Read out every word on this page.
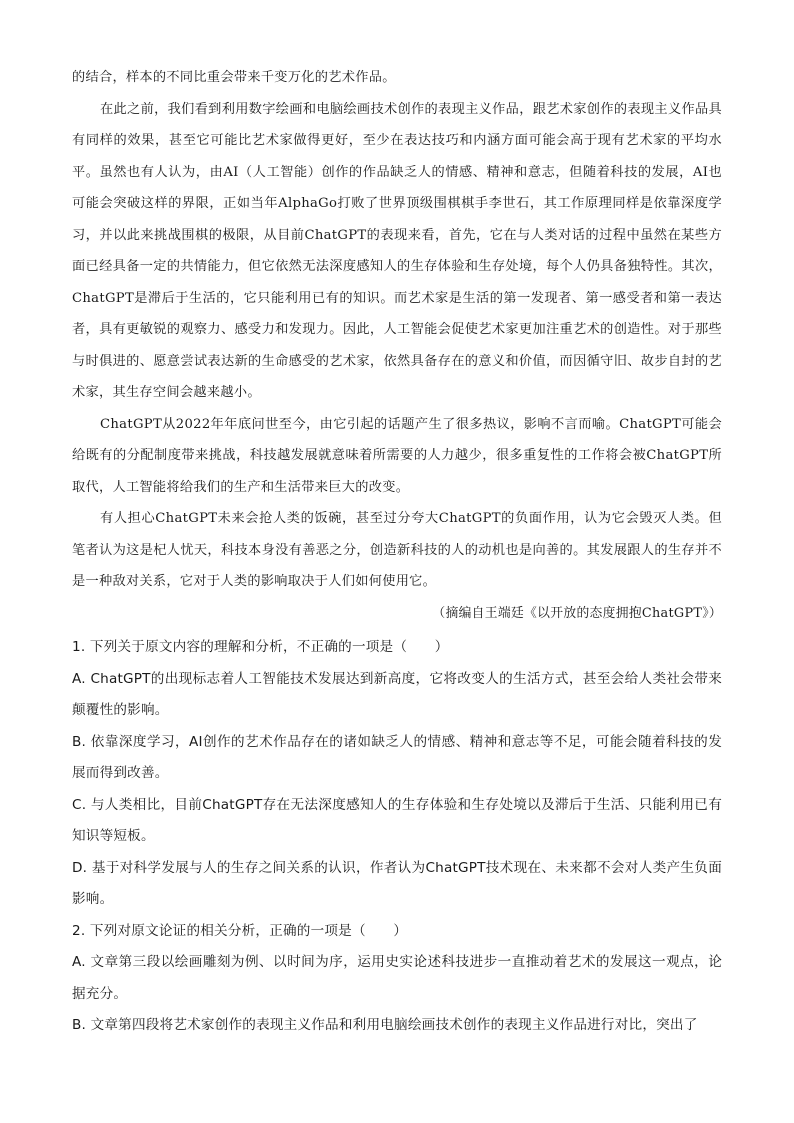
的结合，样本的不同比重会带来千变万化的艺术作品。

在此之前，我们看到利用数字绘画和电脑绘画技术创作的表现主义作品，跟艺术家创作的表现主义作品具有同样的效果，甚至它可能比艺术家做得更好，至少在表达技巧和内涵方面可能会高于现有艺术家的平均水平。虽然也有人认为，由AI（人工智能）创作的作品缺乏人的情感、精神和意志，但随着科技的发展，AI也可能会突破这样的界限，正如当年AlphaGo打败了世界顶级围棋棋手李世石，其工作原理同样是依靠深度学习，并以此来挑战围棋的极限，从目前ChatGPT的表现来看，首先，它在与人类对话的过程中虽然在某些方面已经具备一定的共情能力，但它依然无法深度感知人的生存体验和生存处境，每个人仍具备独特性。其次，ChatGPT是滞后于生活的，它只能利用已有的知识。而艺术家是生活的第一发现者、第一感受者和第一表达者，具有更敏锐的观察力、感受力和发现力。因此，人工智能会促使艺术家更加注重艺术的创造性。对于那些与时俱进的、愿意尝试表达新的生命感受的艺术家，依然具备存在的意义和价值，而因循守旧、故步自封的艺术家，其生存空间会越来越小。

ChatGPT从2022年年底问世至今，由它引起的话题产生了很多热议，影响不言而喻。ChatGPT可能会给既有的分配制度带来挑战，科技越发展就意味着所需要的人力越少，很多重复性的工作将会被ChatGPT所取代，人工智能将给我们的生产和生活带来巨大的改变。

有人担心ChatGPT未来会抢人类的饭碗，甚至过分夸大ChatGPT的负面作用，认为它会毁灭人类。但笔者认为这是杞人忧天，科技本身没有善恶之分，创造新科技的人的动机也是向善的。其发展跟人的生存并不是一种敌对关系，它对于人类的影响取决于人们如何使用它。

（摘编自王端廷《以开放的态度拥抱ChatGPT》）

1. 下列关于原文内容的理解和分析，不正确的一项是（　　）

A. ChatGPT的出现标志着人工智能技术发展达到新高度，它将改变人的生活方式，甚至会给人类社会带来颠覆性的影响。

B. 依靠深度学习，AI创作的艺术作品存在的诸如缺乏人的情感、精神和意志等不足，可能会随着科技的发展而得到改善。

C. 与人类相比，目前ChatGPT存在无法深度感知人的生存体验和生存处境以及滞后于生活、只能利用已有知识等短板。

D. 基于对科学发展与人的生存之间关系的认识，作者认为ChatGPT技术现在、未来都不会对人类产生负面影响。

2. 下列对原文论证的相关分析，正确的一项是（　　）

A. 文章第三段以绘画雕刻为例、以时间为序，运用史实论述科技进步一直推动着艺术的发展这一观点，论据充分。

B. 文章第四段将艺术家创作的表现主义作品和利用电脑绘画技术创作的表现主义作品进行对比，突出了
